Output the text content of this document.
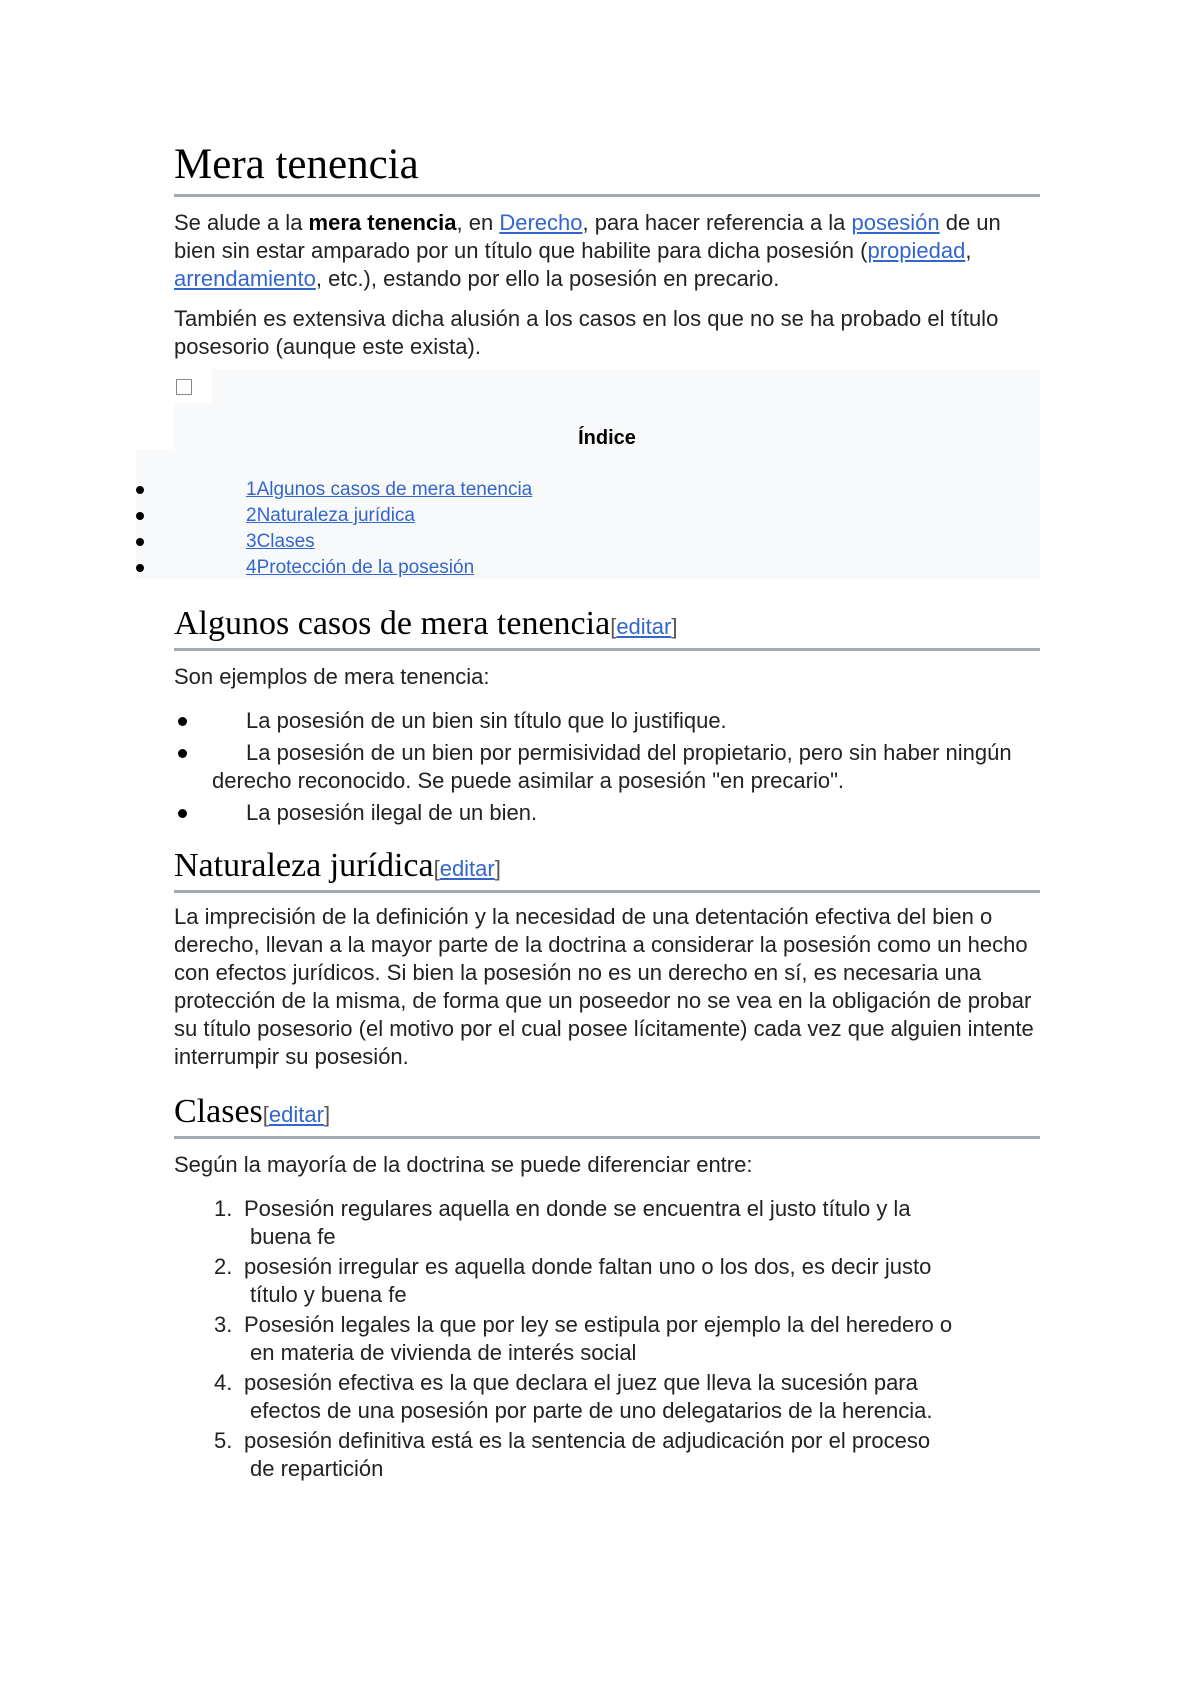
Mera tenencia

Se alude a la mera tenencia, en Derecho, para hacer referencia a la posesión de un bien sin estar amparado por un título que habilite para dicha posesión (propiedad, arrendamiento, etc.), estando por ello la posesión en precario.

También es extensiva dicha alusión a los casos en los que no se ha probado el título posesorio (aunque este exista).

Índice
1Algunos casos de mera tenencia
2Naturaleza jurídica
3Clases
4Protección de la posesión
Algunos casos de mera tenencia[editar]

Son ejemplos de mera tenencia:

La posesión de un bien sin título que lo justifique.
La posesión de un bien por permisividad del propietario, pero sin haber ningún derecho reconocido. Se puede asimilar a posesión "en precario".
La posesión ilegal de un bien.
Naturaleza jurídica[editar]

La imprecisión de la definición y la necesidad de una detentación efectiva del bien o derecho, llevan a la mayor parte de la doctrina a considerar la posesión como un hecho con efectos jurídicos. Si bien la posesión no es un derecho en sí, es necesaria una protección de la misma, de forma que un poseedor no se vea en la obligación de probar su título posesorio (el motivo por el cual posee lícitamente) cada vez que alguien intente interrumpir su posesión.

Clases[editar]

Según la mayoría de la doctrina se puede diferenciar entre:

1. Posesión regulares aquella en donde se encuentra el justo título y la
buena fe
2. posesión irregular es aquella donde faltan uno o los dos, es decir justo
título y buena fe
3. Posesión legales la que por ley se estipula por ejemplo la del heredero o
en materia de vivienda de interés social
4. posesión efectiva es la que declara el juez que lleva la sucesión para
efectos de una posesión por parte de uno delegatarios de la herencia.
5. posesión definitiva está es la sentencia de adjudicación por el proceso
de repartición
